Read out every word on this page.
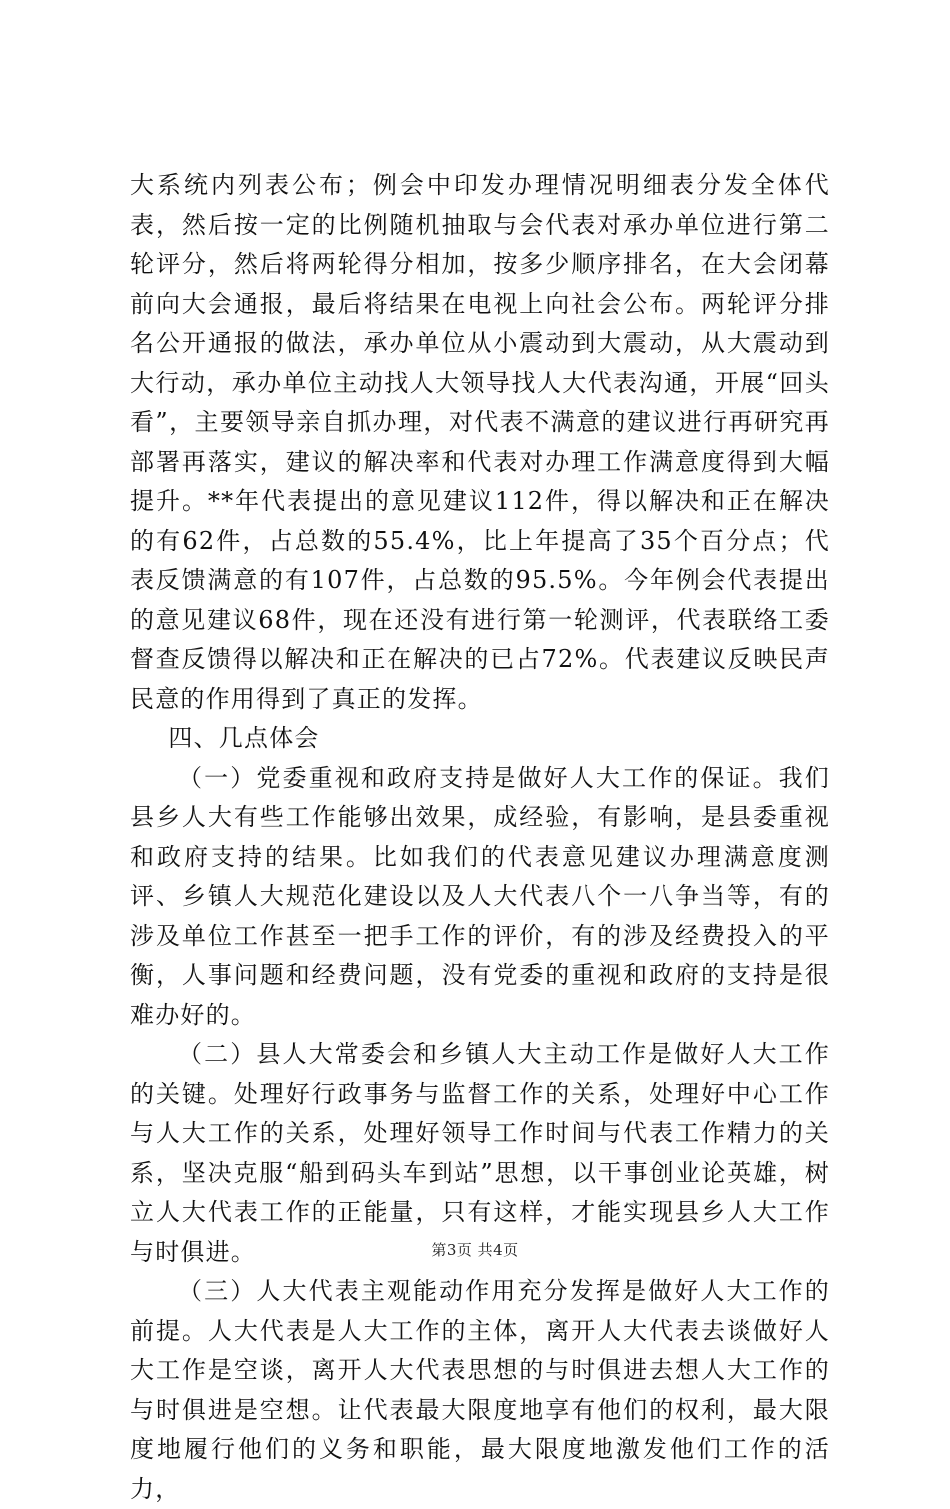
大系统内列表公布；例会中印发办理情况明细表分发全体代表，然后按一定的比例随机抽取与会代表对承办单位进行第二轮评分，然后将两轮得分相加，按多少顺序排名，在大会闭幕前向大会通报，最后将结果在电视上向社会公布。两轮评分排名公开通报的做法，承办单位从小震动到大震动，从大震动到大行动，承办单位主动找人大领导找人大代表沟通，开展“回头看”，主要领导亲自抓办理，对代表不满意的建议进行再研究再部署再落实，建议的解决率和代表对办理工作满意度得到大幅提升。**年代表提出的意见建议112件，得以解决和正在解决的有62件，占总数的55.4%，比上年提高了35个百分点；代表反馈满意的有107件，占总数的95.5%。今年例会代表提出的意见建议68件，现在还没有进行第一轮测评，代表联络工委督查反馈得以解决和正在解决的已占72%。代表建议反映民声民意的作用得到了真正的发挥。

四、几点体会

（一）党委重视和政府支持是做好人大工作的保证。我们县乡人大有些工作能够出效果，成经验，有影响，是县委重视和政府支持的结果。比如我们的代表意见建议办理满意度测评、乡镇人大规范化建设以及人大代表八个一八争当等，有的涉及单位工作甚至一把手工作的评价，有的涉及经费投入的平衡，人事问题和经费问题，没有党委的重视和政府的支持是很难办好的。

（二）县人大常委会和乡镇人大主动工作是做好人大工作的关键。处理好行政事务与监督工作的关系，处理好中心工作与人大工作的关系，处理好领导工作时间与代表工作精力的关系，坚决克服“船到码头车到站”思想，以干事创业论英雄，树立人大代表工作的正能量，只有这样，才能实现县乡人大工作与时俱进。

（三）人大代表主观能动作用充分发挥是做好人大工作的前提。人大代表是人大工作的主体，离开人大代表去谈做好人大工作是空谈，离开人大代表思想的与时俱进去想人大工作的与时俱进是空想。让代表最大限度地享有他们的权利，最大限度地履行他们的义务和职能，最大限度地激发他们工作的活力，

第3页 共4页
